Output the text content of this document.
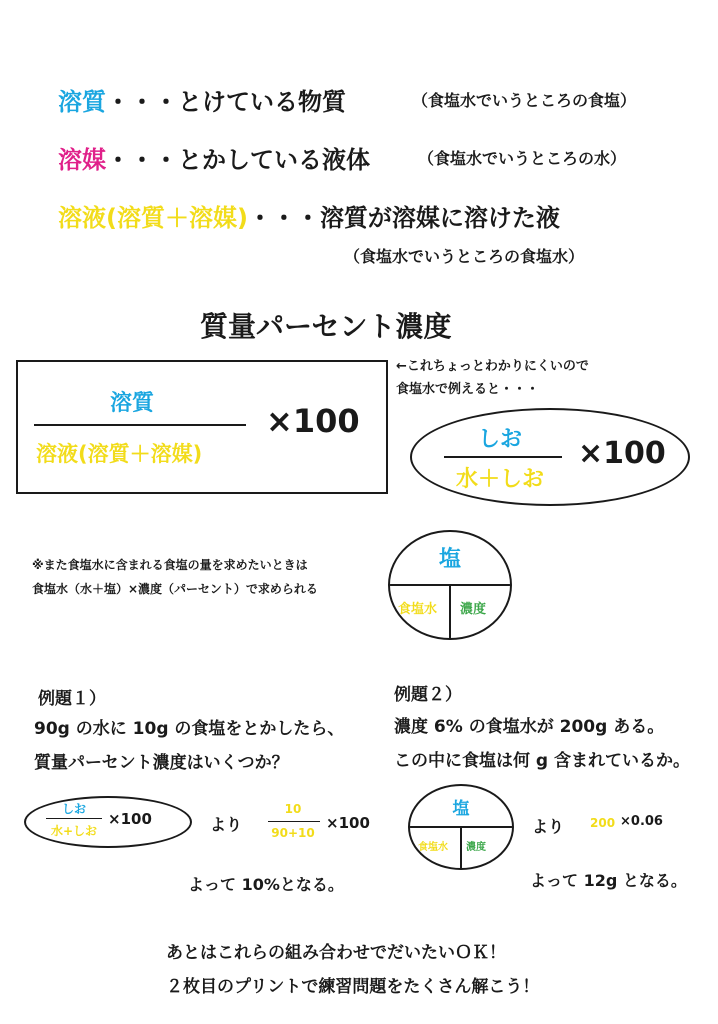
溶質・・・とけている物質	（食塩水でいうところの食塩）
溶媒・・・とかしている液体	（食塩水でいうところの水）
溶液(溶質＋溶媒)・・・溶質が溶媒に溶けた液
（食塩水でいうところの食塩水）
質量パーセント濃度
溶質
溶液(溶質＋溶媒)
×100
←これちょっとわかりにくいので
食塩水で例えると・・・
しお
水＋しお
×100
※また食塩水に含まれる食塩の量を求めたいときは
食塩水（水＋塩）×濃度（パーセント）で求められる
塩
食塩水 濃度
例題１）
90g の水に 10g の食塩をとかしたら、
質量パーセント濃度はいくつか？
しお
水+しお
×100	より
10
90+10
×100
よって 10%となる。
例題２）
濃度 6% の食塩水が 200g ある。
この中に食塩は何 g 含まれているか。
塩
食塩水 濃度
より 200 ×0.06
よって 12g となる。
あとはこれらの組み合わせでだいたいＯＫ！
２枚目のプリントで練習問題をたくさん解こう！
